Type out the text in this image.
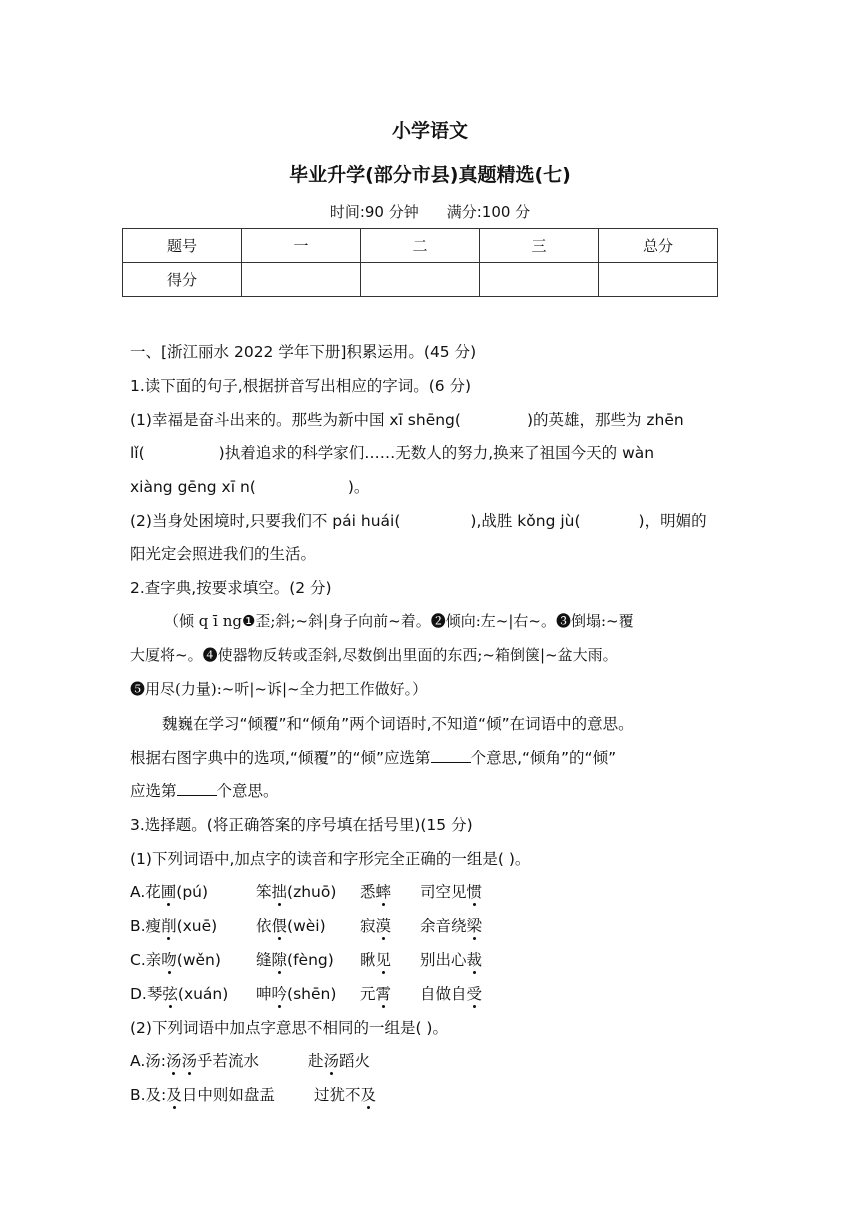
小学语文
毕业升学(部分市县)真题精选(七)
时间:90 分钟 满分:100 分
题号	一	二	三	总分
得分				
一、[浙江丽水 2022 学年下册]积累运用。(45 分)
1.读下面的句子,根据拼音写出相应的字词。(6 分)
(1)幸福是奋斗出来的。那些为新中国 xī shēng(	)的英雄，那些为 zhēn
lǐ(	)执着追求的科学家们……无数人的努力,换来了祖国今天的 wàn
xiàng gēng xī n(	)。
(2)当身处困境时,只要我们不 pái huái(	),战胜 kǒng jù(	)，明媚的
阳光定会照进我们的生活。
2.查字典,按要求填空。(2 分)
（倾 q ī ng❶歪;斜;~斜|身子向前~着。❷倾向:左~|右~。❸倒塌:~覆
大厦将~。❹使器物反转或歪斜,尽数倒出里面的东西;~箱倒箧|~盆大雨。
❺用尽(力量):~听|~诉|~全力把工作做好。）
魏巍在学习“倾覆”和“倾角”两个词语时,不知道“倾”在词语中的意思。
根据右图字典中的选项,“倾覆”的“倾”应选第	个意思,“倾角”的“倾”
应选第	个意思。
3.选择题。(将正确答案的序号填在括号里)(15 分)
(1)下列词语中,加点字的读音和字形完全正确的一组是( )。
A.花圃(pú)	笨拙(zhuō) 悉蟀 司空见惯
B.瘦削(xuē)	依偎(wèi) 寂漠 余音绕梁
C.亲吻(wěn) 缝隙(fèng) 瞅见 别出心裁
D.琴弦(xuán) 呻吟(shēn) 元霄 自做自受
(2)下列词语中加点字意思不相同的一组是( )。
A.汤:汤汤乎若流水	赴汤蹈火
B.及:及日中则如盘盂	过犹不及
